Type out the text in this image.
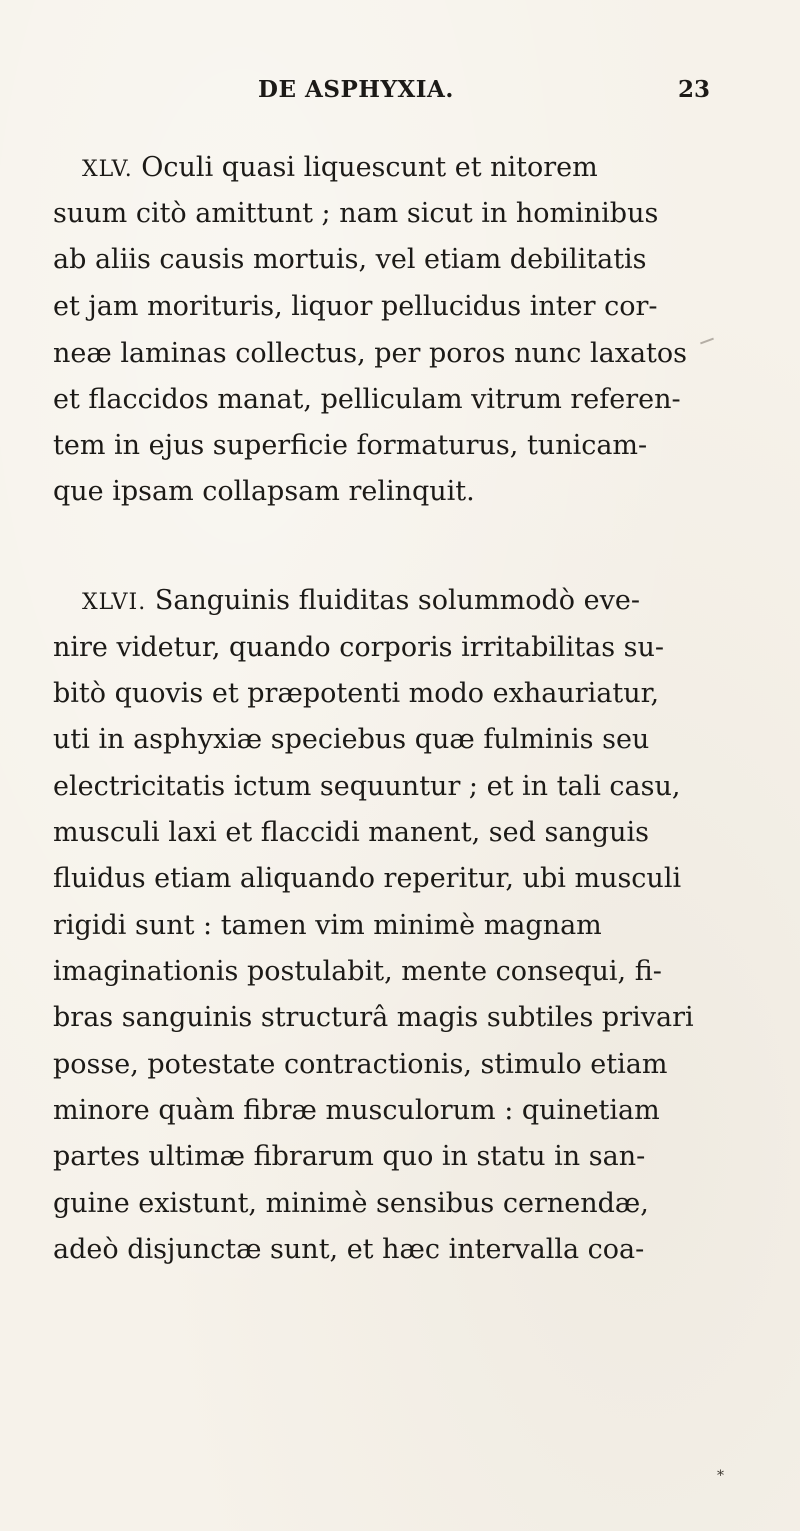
DE ASPHYXIA.	23
XLV. Oculi quasi liquescunt et nitorem
suum citò amittunt ; nam sicut in hominibus
ab aliis causis mortuis, vel etiam debilitatis
et jam morituris, liquor pellucidus inter cor-
neæ laminas collectus, per poros nunc laxatos
et flaccidos manat, pelliculam vitrum referen-
tem in ejus superficie formaturus, tunicam-
que ipsam collapsam relinquit.
XLVI. Sanguinis fluiditas solummodò eve-
nire videtur, quando corporis irritabilitas su-
bitò quovis et præpotenti modo exhauriatur,
uti in asphyxiæ speciebus quæ fulminis seu
electricitatis ictum sequuntur ; et in tali casu,
musculi laxi et flaccidi manent, sed sanguis
fluidus etiam aliquando reperitur, ubi musculi
rigidi sunt : tamen vim minimè magnam
imaginationis postulabit, mente consequi, fi-
bras sanguinis structurâ magis subtiles privari
posse, potestate contractionis, stimulo etiam
minore quàm fibræ musculorum : quinetiam
partes ultimæ fibrarum quo in statu in san-
guine existunt, minimè sensibus cernendæ,
adeò disjunctæ sunt, et hæc intervalla coa-
*
